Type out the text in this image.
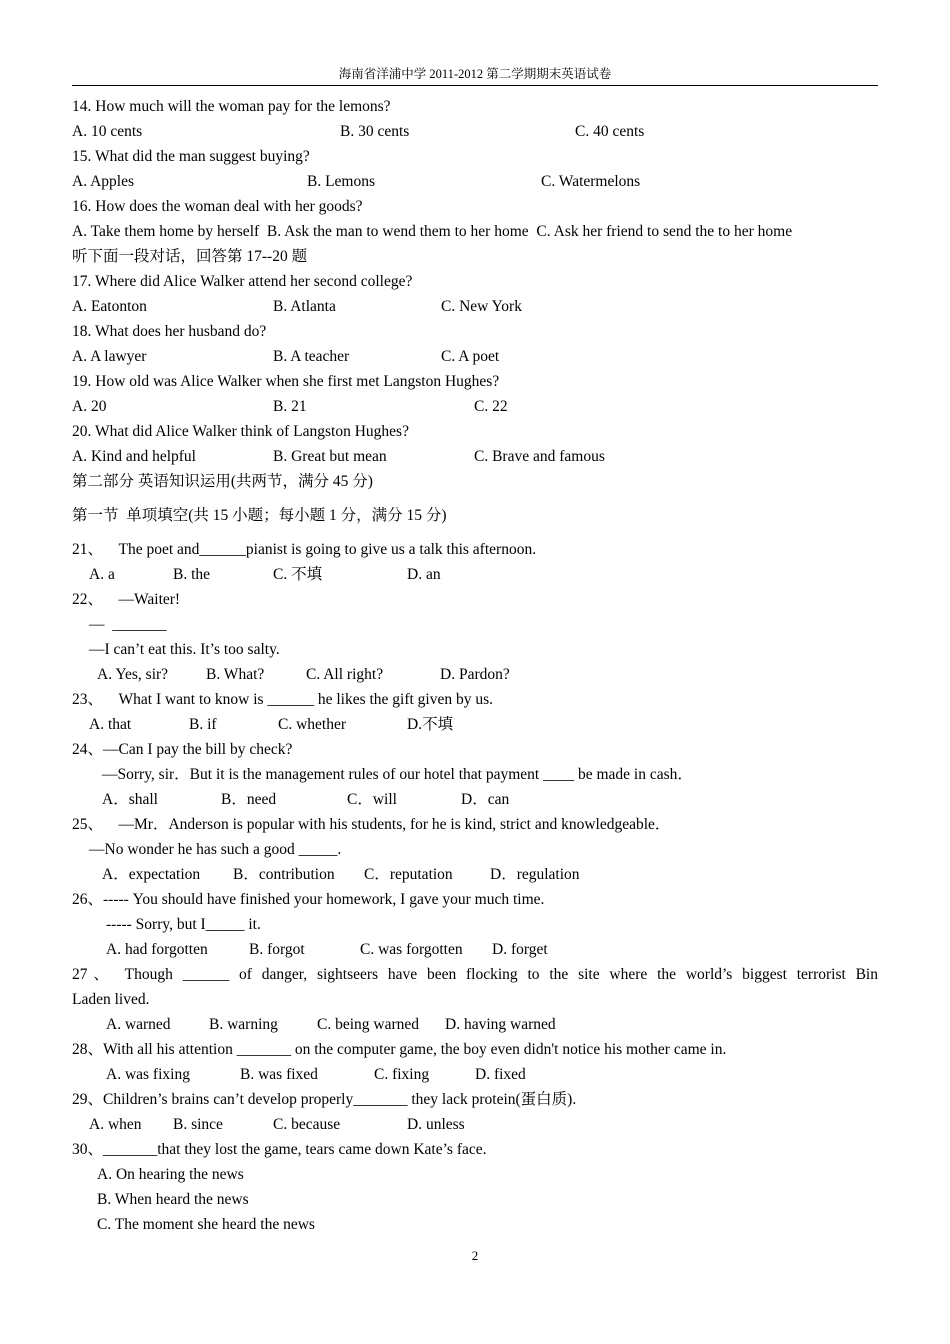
海南省洋浦中学 2011-2012 第二学期期末英语试卷
14. How much will the woman pay for the lemons?
A. 10 cents	B. 30 cents	C. 40 cents
15. What did the man suggest buying?
A. Apples	B. Lemons	C. Watermelons
16. How does the woman deal with her goods?
A. Take them home by herself  B. Ask the man to wend them to her home  C. Ask her friend to send the to her home
听下面一段对话，回答第 17--20 题
17. Where did Alice Walker attend her second college?
A. Eatonton	B. Atlanta	C. New York
18. What does her husband do?
A. A lawyer	B. A teacher	C. A poet
19. How old was Alice Walker when she first met Langston Hughes?
A. 20	B. 21	C. 22
20. What did Alice Walker think of Langston Hughes?
A. Kind and helpful	B. Great but mean	C. Brave and famous
第二部分 英语知识运用(共两节，满分 45 分)
第一节  单项填空(共 15 小题；每小题 1 分，满分 15 分)
21、    The poet and______pianist is going to give us a talk this afternoon.
A. a	B. the	C. 不填	D. an
22、    —Waiter!
—  _______
—I can’t eat this. It’s too salty.
A. Yes, sir? B. What?	C. All right?	D. Pardon?
23、    What I want to know is ______ he likes the gift given by us.
A. that	B. if	C. whether	D.不填
24、—Can I pay the bill by check?
—Sorry, sir．But it is the management rules of our hotel that payment ____ be made in cash．
A．shall	B．need	C．will	D．can
25、    —Mr．Anderson is popular with his students, for he is kind, strict and knowledgeable．
—No wonder he has such a good _____.
A．expectation B．contribution C．reputation D．regulation
26、----- You should have finished your homework, I gave your much time.
----- Sorry, but I_____ it.
A. had forgotten	B. forgot	C. was forgotten D. forget
27、 Though ______ of danger, sightseers have been flocking to the site where the world’s biggest terrorist Bin
Laden lived.
A. warned B. warning	C. being warned D. having warned
28、With all his attention _______ on the computer game, the boy even didn't notice his mother came in.
A. was fixing	B. was fixed	C. fixing	D. fixed
29、Children’s brains can’t develop properly_______ they lack protein(蛋白质).
A. when B. since	C. because	D. unless
30、_______that they lost the game, tears came down Kate’s face.
A. On hearing the news
B. When heard the news
C. The moment she heard the news
2
